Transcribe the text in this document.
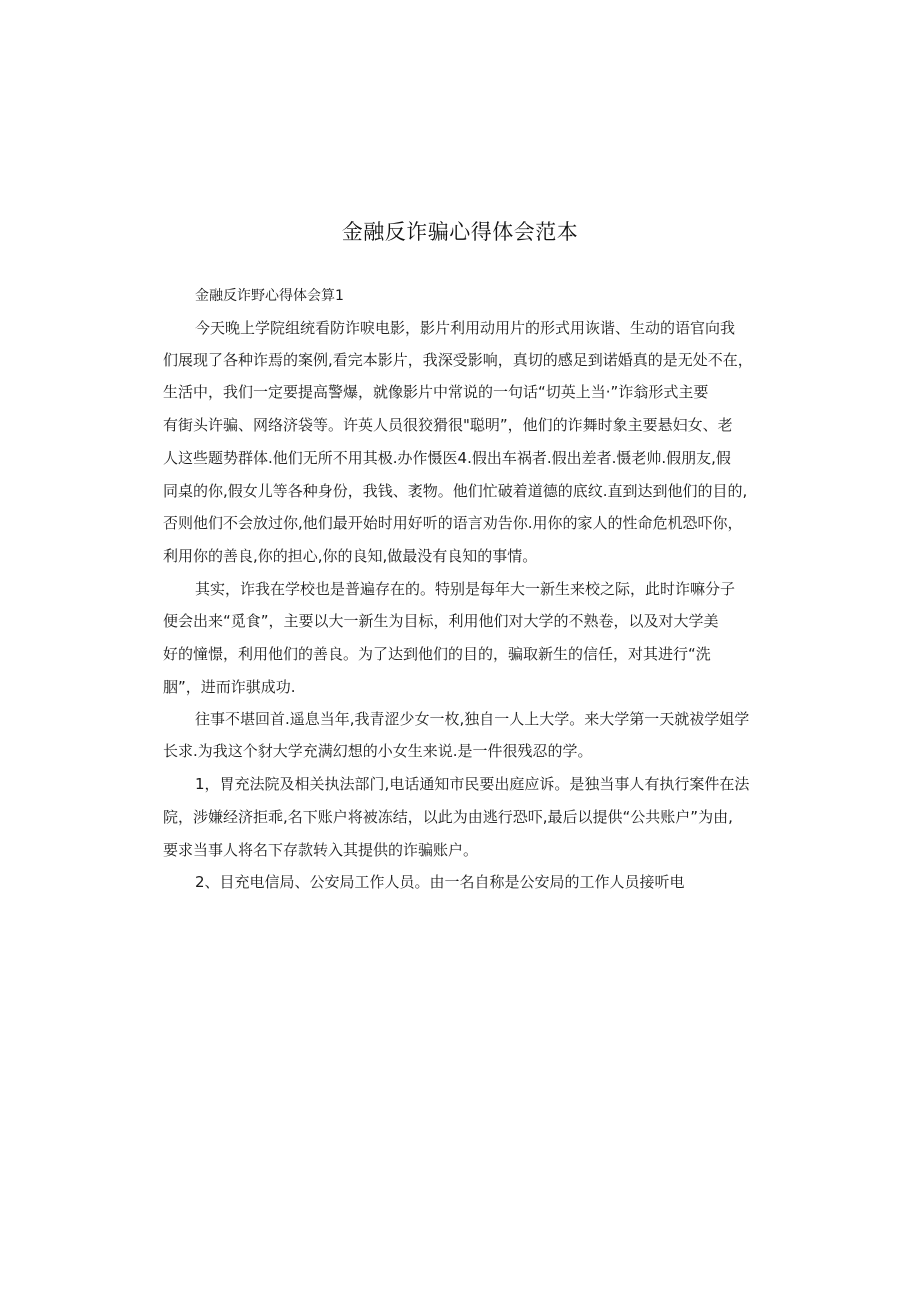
金融反诈骗心得体会范本
金融反诈野心得体会算1
今天晚上学院组统看防诈唳电影，影片利用动用片的形式用诙谐、生动的语官向我
们展现了各种诈焉的案例,看完本影片，我深受影响，真切的感足到诺婚真的是无处不在，
生活中，我们一定要提高警爆，就像影片中常说的一句话“切英上当·”诈翁形式主要
有街头许骗、网络济袋等。许英人员很狡猾很"聪明”，他们的诈舞时象主要悬妇女、老
人这些题势群体.他们无所不用其极.办作慑医4.假出车祸者.假出差者.慑老帅.假朋友,假
同桌的你,假女儿等各种身份，我钱、袤物。他们忙破着道德的底纹.直到达到他们的目的,
否则他们不会放过你,他们最开始时用好听的语言劝告你.用你的家人的性命危机恐吓你，
利用你的善良,你的担心,你的良知,做最没有良知的事情。
其实，诈我在学校也是普遍存在的。特别是每年大一新生来校之际，此时诈嘛分子
便会出来“觅食”，主要以大一新生为目标，利用他们对大学的不熟卷，以及对大学美
好的憧憬，利用他们的善良。为了达到他们的目的，骗取新生的信任，对其进行“洗
胭”，进而诈骐成功.
往事不堪回首.遥息当年,我青涩少女一枚,独自一人上大学。来大学第一天就祓学姐学
长求.为我这个豺大学充满幻想的小女生来说.是一件很残忍的学。
1，胃充法院及相关执法部门,电话通知市民要出庭应诉。是独当事人有执行案件在法
院，涉嫌经济拒乖,名下账户将被冻结，以此为由逃行恐吓,最后以提供“公共账户”为由,
要求当事人将名下存款转入其提供的诈骗账户。
2、目充电信局、公安局工作人员。由一名自称是公安局的工作人员接听电
